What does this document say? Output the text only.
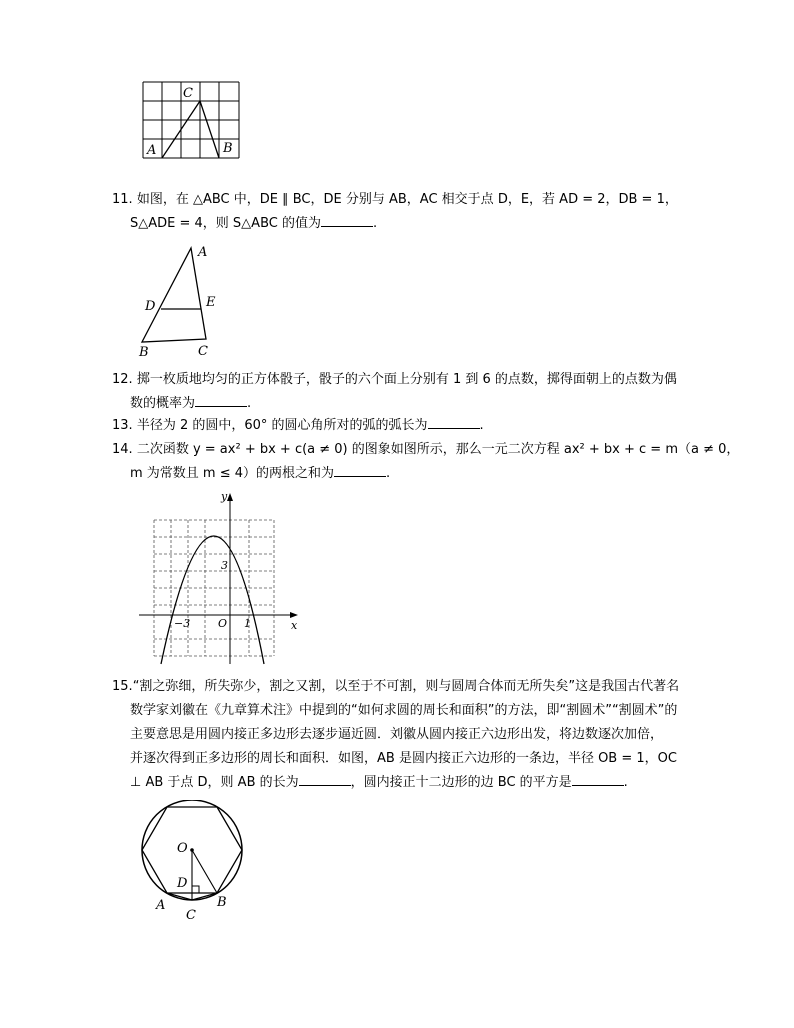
C
A	B
11. 如图，在 △ABC 中，DE ∥ BC，DE 分别与 AB，AC 相交于点 D，E，若 AD = 2，DB = 1，
S△ADE = 4，则 S△ABC 的值为	.
A
D	E
B	C
12. 掷一枚质地均匀的正方体骰子，骰子的六个面上分别有 1 到 6 的点数，掷得面朝上的点数为偶
数的概率为	.
13. 半径为 2 的圆中，60° 的圆心角所对的弧的弧长为	.
14. 二次函数 y = ax² + bx + c(a ≠ 0) 的图象如图所示，那么一元二次方程 ax² + bx + c = m（a ≠ 0，
m 为常数且 m ≤ 4）的两根之和为	.
y
x
3
−3	O 1
15.“割之弥细，所失弥少，割之又割，以至于不可割，则与圆周合体而无所失矣”这是我国古代著名
数学家刘徽在《九章算术注》中提到的“如何求圆的周长和面积”的方法，即“割圆术”“割圆术”的
主要意思是用圆内接正多边形去逐步逼近圆．刘徽从圆内接正六边形出发，将边数逐次加倍，
并逐次得到正多边形的周长和面积．如图，AB 是圆内接正六边形的一条边，半径 OB = 1，OC
⊥ AB 于点 D，则 AB 的长为	，圆内接正十二边形的边 BC 的平方是	.
O
D
A
C
B
